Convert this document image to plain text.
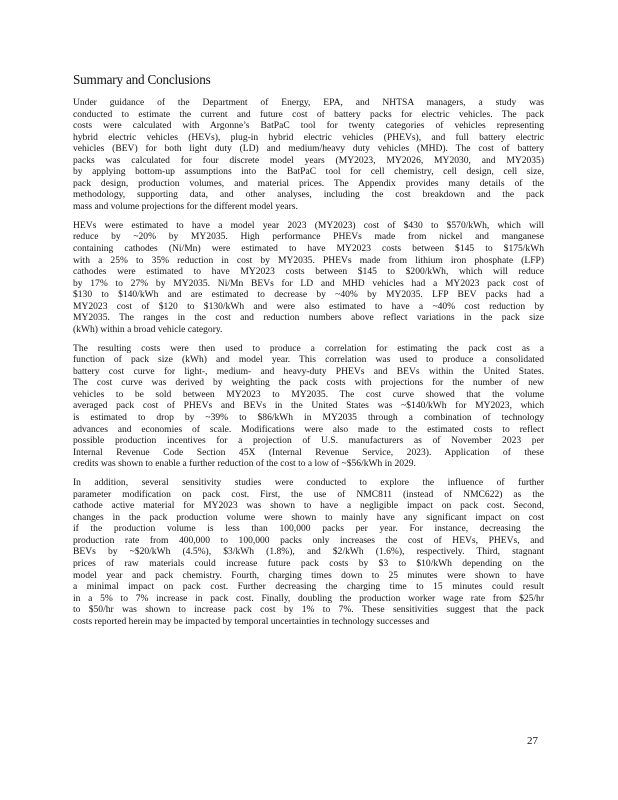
Summary and Conclusions

Under guidance of the Department of Energy, EPA, and NHTSA managers, a study was
conducted to estimate the current and future cost of battery packs for electric vehicles. The pack
costs were calculated with Argonne’s BatPaC tool for twenty categories of vehicles representing
hybrid electric vehicles (HEVs), plug-in hybrid electric vehicles (PHEVs), and full battery electric
vehicles (BEV) for both light duty (LD) and medium/heavy duty vehicles (MHD). The cost of battery
packs was calculated for four discrete model years (MY2023, MY2026, MY2030, and MY2035)
by applying bottom-up assumptions into the BatPaC tool for cell chemistry, cell design, cell size,
pack design, production volumes, and material prices. The Appendix provides many details of the
methodology, supporting data, and other analyses, including the cost breakdown and the pack
mass and volume projections for the different model years.

HEVs were estimated to have a model year 2023 (MY2023) cost of $430 to $570/kWh, which will
reduce by ~20% by MY2035. High performance PHEVs made from nickel and manganese
containing cathodes (Ni/Mn) were estimated to have MY2023 costs between $145 to $175/kWh
with a 25% to 35% reduction in cost by MY2035. PHEVs made from lithium iron phosphate (LFP)
cathodes were estimated to have MY2023 costs between $145 to $200/kWh, which will reduce
by 17% to 27% by MY2035. Ni/Mn BEVs for LD and MHD vehicles had a MY2023 pack cost of
$130 to $140/kWh and are estimated to decrease by ~40% by MY2035. LFP BEV packs had a
MY2023 cost of $120 to $130/kWh and were also estimated to have a ~40% cost reduction by
MY2035. The ranges in the cost and reduction numbers above reflect variations in the pack size
(kWh) within a broad vehicle category.

The resulting costs were then used to produce a correlation for estimating the pack cost as a
function of pack size (kWh) and model year. This correlation was used to produce a consolidated
battery cost curve for light-, medium- and heavy-duty PHEVs and BEVs within the United States.
The cost curve was derived by weighting the pack costs with projections for the number of new
vehicles to be sold between MY2023 to MY2035. The cost curve showed that the volume
averaged pack cost of PHEVs and BEVs in the United States was ~$140/kWh for MY2023, which
is estimated to drop by ~39% to $86/kWh in MY2035 through a combination of technology
advances and economies of scale. Modifications were also made to the estimated costs to reflect
possible production incentives for a projection of U.S. manufacturers as of November 2023 per
Internal Revenue Code Section 45X (Internal Revenue Service, 2023). Application of these
credits was shown to enable a further reduction of the cost to a low of ~$56/kWh in 2029.

In addition, several sensitivity studies were conducted to explore the influence of further
parameter modification on pack cost. First, the use of NMC811 (instead of NMC622) as the
cathode active material for MY2023 was shown to have a negligible impact on pack cost. Second,
changes in the pack production volume were shown to mainly have any significant impact on cost
if the production volume is less than 100,000 packs per year. For instance, decreasing the
production rate from 400,000 to 100,000 packs only increases the cost of HEVs, PHEVs, and
BEVs by ~$20/kWh (4.5%), $3/kWh (1.8%), and $2/kWh (1.6%), respectively. Third, stagnant
prices of raw materials could increase future pack costs by $3 to $10/kWh depending on the
model year and pack chemistry. Fourth, charging times down to 25 minutes were shown to have
a minimal impact on pack cost. Further decreasing the charging time to 15 minutes could result
in a 5% to 7% increase in pack cost. Finally, doubling the production worker wage rate from $25/hr
to $50/hr was shown to increase pack cost by 1% to 7%. These sensitivities suggest that the pack
costs reported herein may be impacted by temporal uncertainties in technology successes and

27
